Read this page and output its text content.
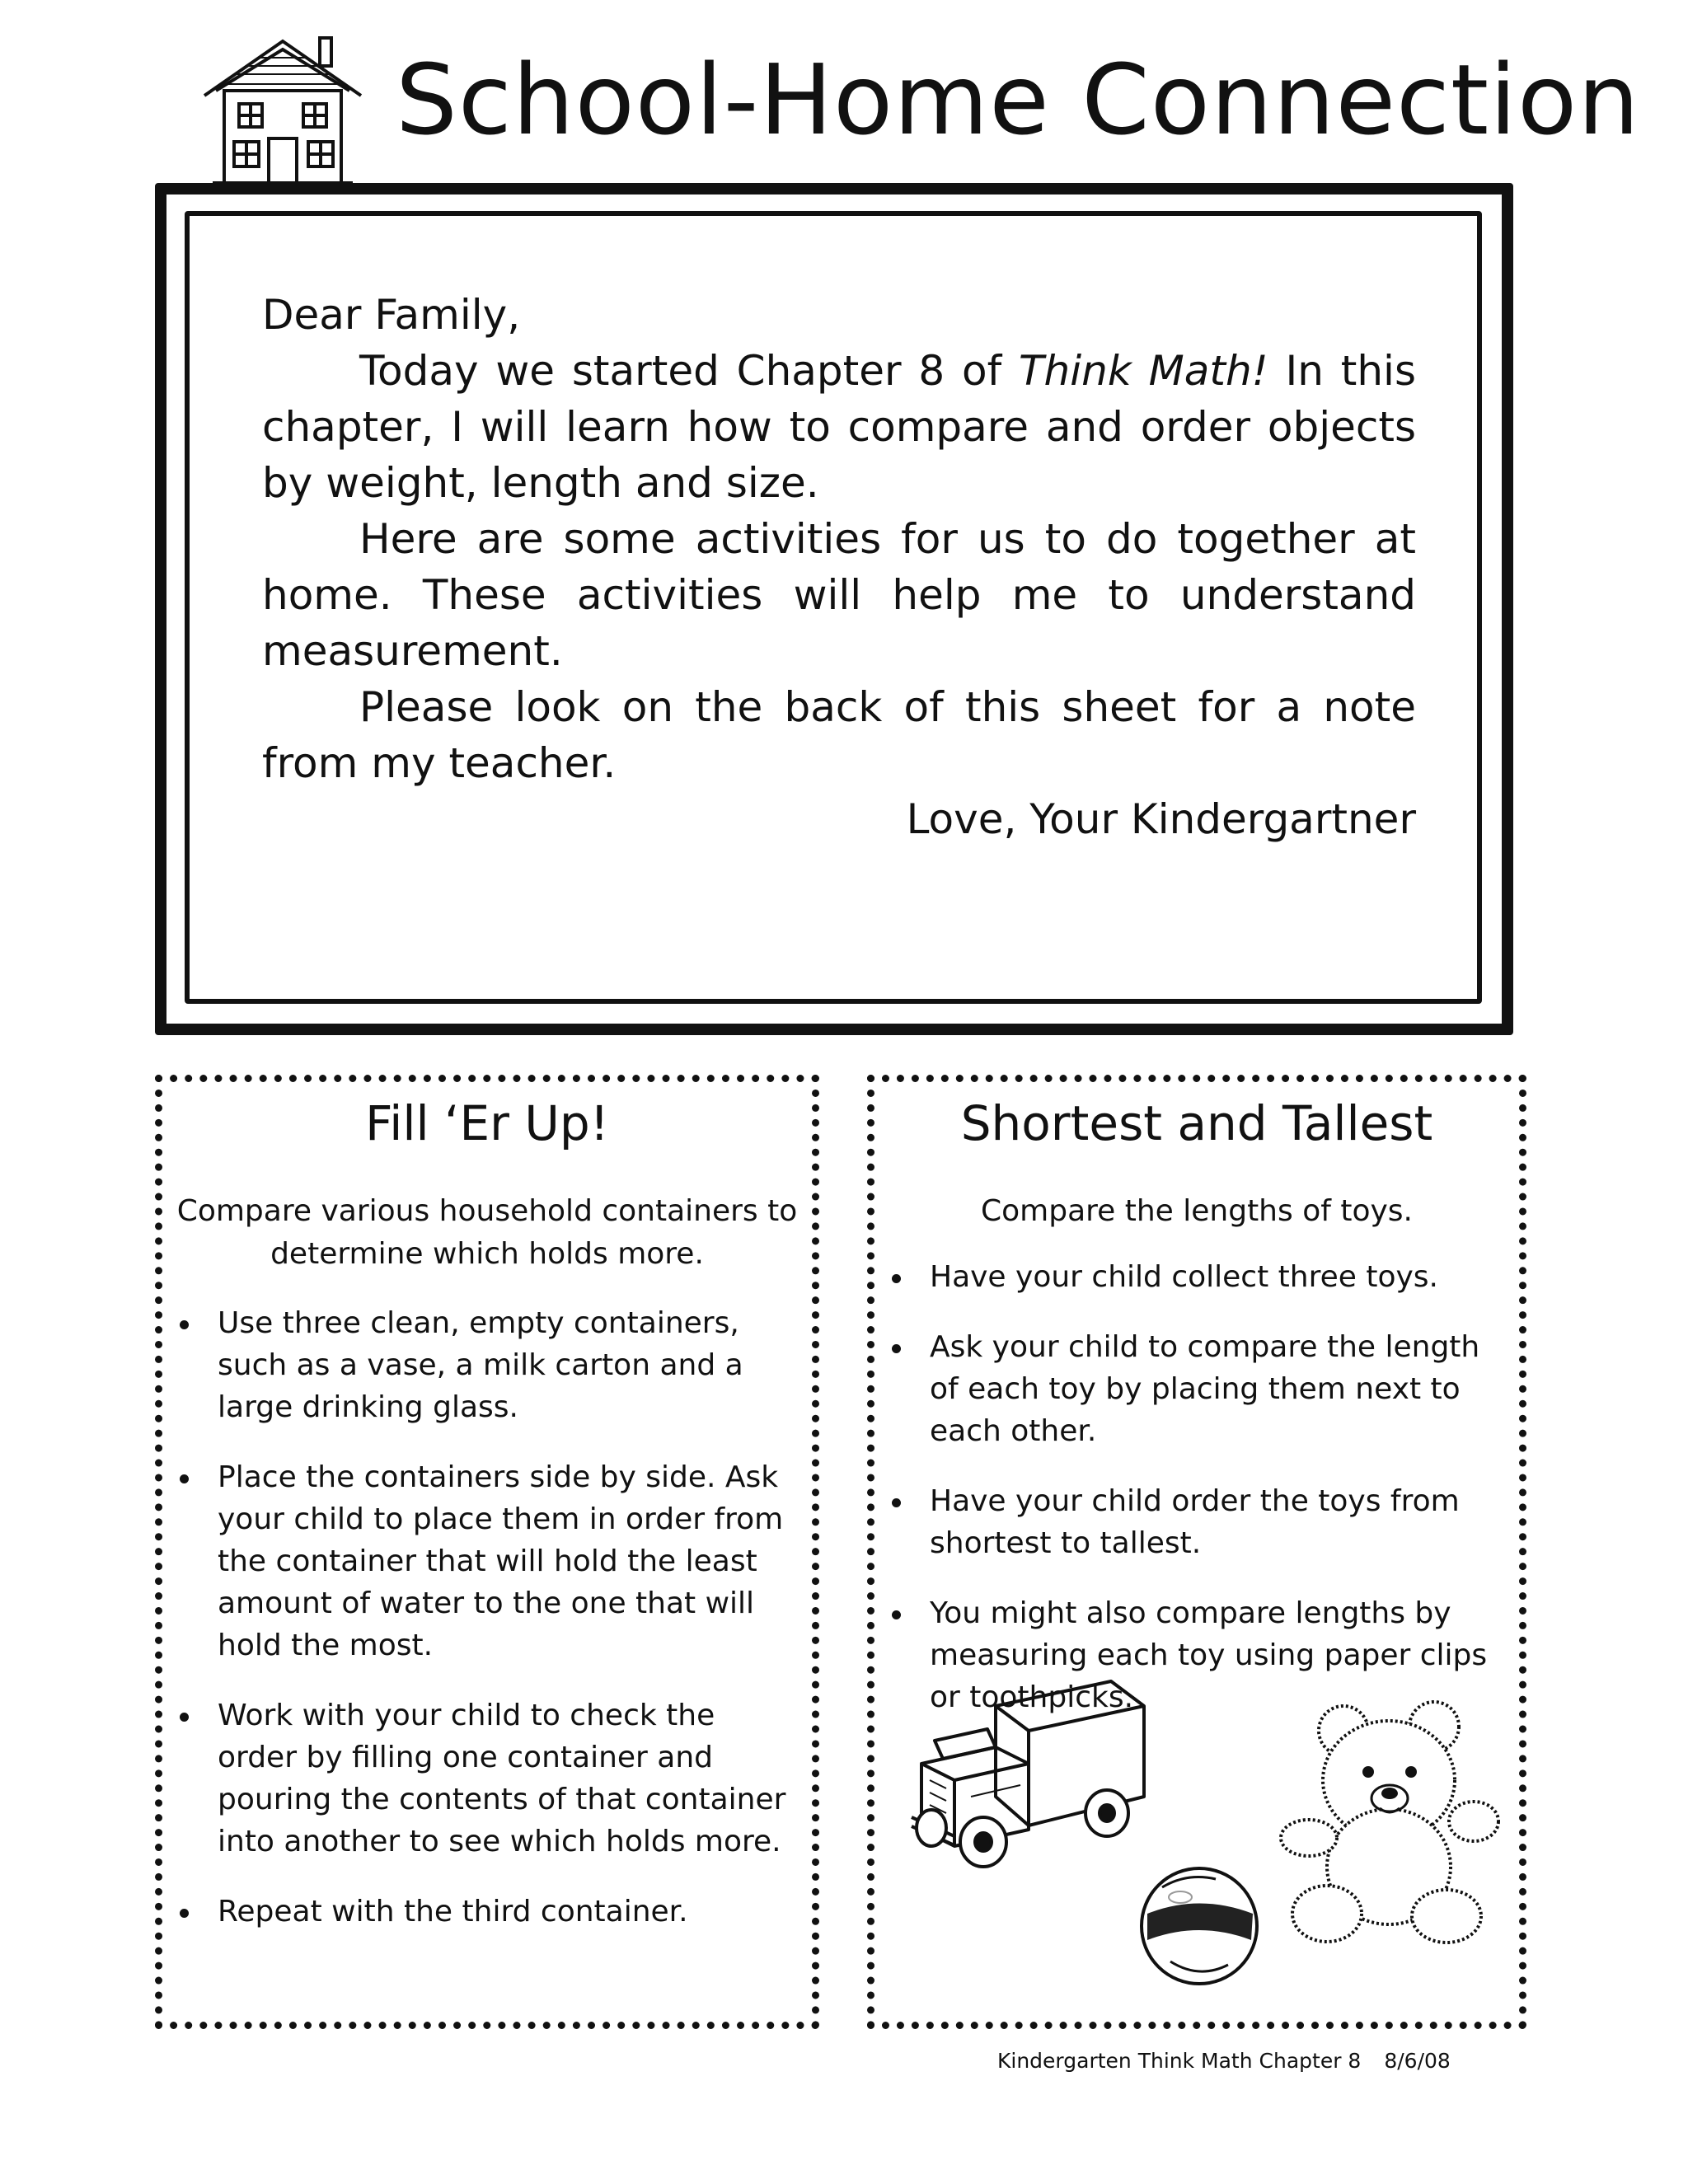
School-Home Connection

Dear Family,

Today we started Chapter 8 of Think Math! In this chapter, I will learn how to compare and order objects by weight, length and size.

Here are some activities for us to do together at home. These activities will help me to understand measurement.

Please look on the back of this sheet for a note from my teacher.

Love, Your Kindergartner

Fill ‘Er Up!
Compare various household containers to determine which holds more.
Use three clean, empty containers, such as a vase, a milk carton and a large drinking glass.
Place the containers side by side. Ask your child to place them in order from the container that will hold the least amount of water to the one that will hold the most.
Work with your child to check the order by filling one container and pouring the contents of that container into another to see which holds more.
Repeat with the third container.
Shortest and Tallest
Compare the lengths of toys.
Have your child collect three toys.
Ask your child to compare the length of each toy by placing them next to each other.
Have your child order the toys from shortest to tallest.
You might also compare lengths by measuring each toy using paper clips or toothpicks.
Kindergarten Think Math Chapter 8 8/6/08
